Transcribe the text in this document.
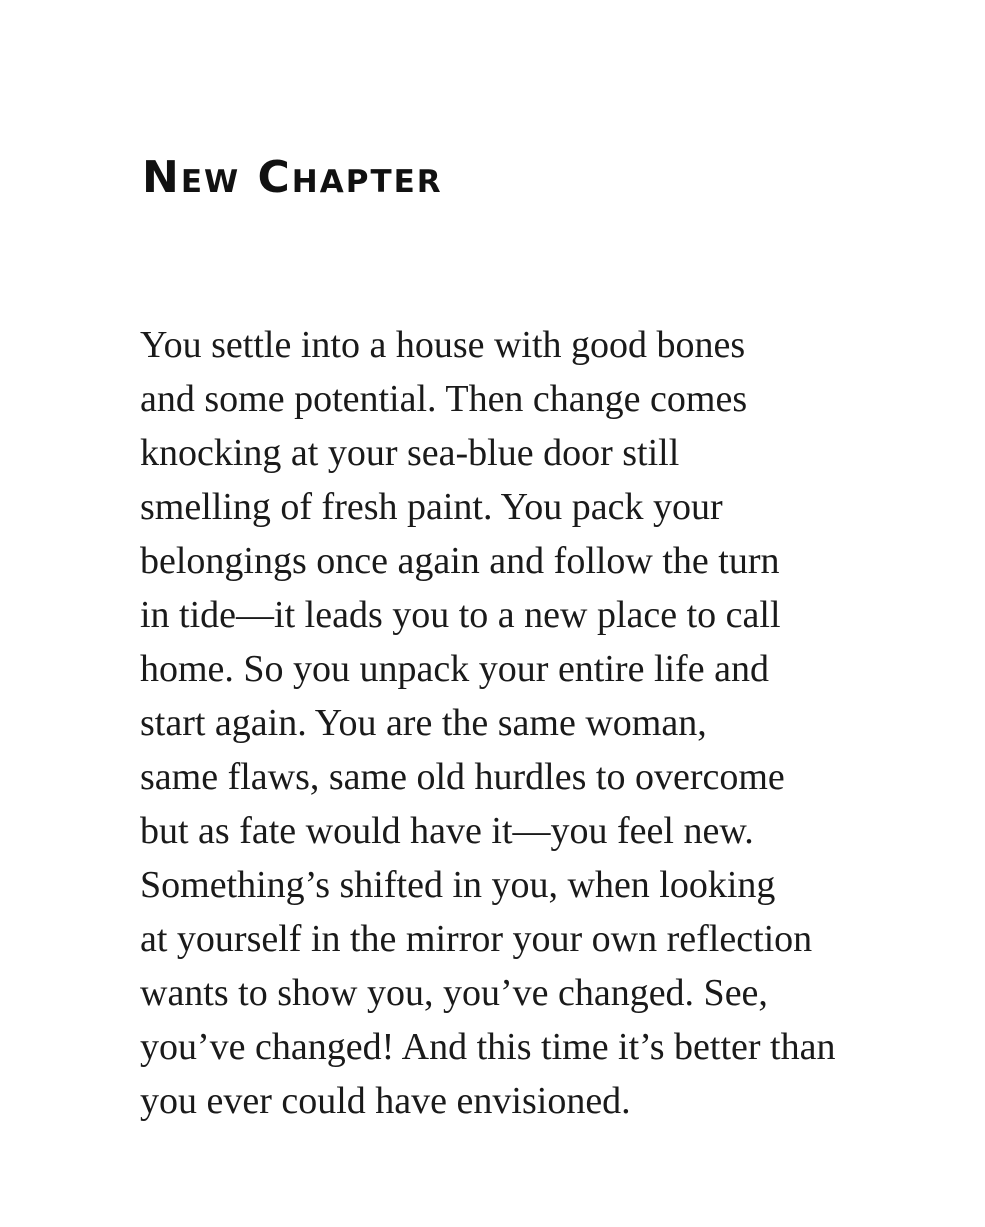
New Chapter

You settle into a house with good bones
and some potential. Then change comes
knocking at your sea-blue door still
smelling of fresh paint. You pack your
belongings once again and follow the turn
in tide—it leads you to a new place to call
home. So you unpack your entire life and
start again. You are the same woman,
same flaws, same old hurdles to overcome
but as fate would have it—you feel new.
Something’s shifted in you, when looking
at yourself in the mirror your own reflection
wants to show you, you’ve changed. See,
you’ve changed! And this time it’s better than
you ever could have envisioned.
